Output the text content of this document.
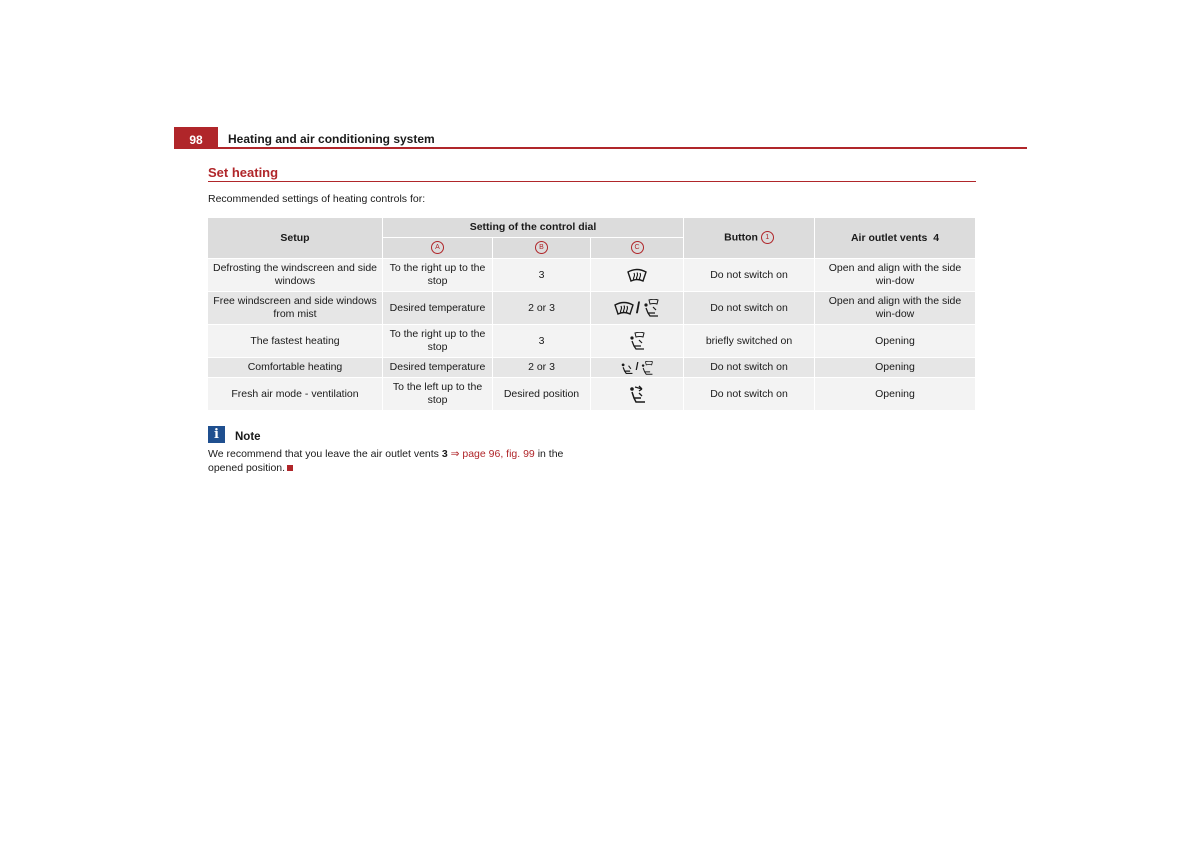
98	Heating and air conditioning system
Set heating
Recommended settings of heating controls for:
Setup	Setting of the control dial			Button 1	Air outlet vents 4
	A	B	C		
Defrosting the windscreen and side windows	To the right up to the stop	3		Do not switch on	Open and align with the side win-dow
Free windscreen and side windows from mist	Desired temperature	2 or 3	/	Do not switch on	Open and align with the side win-dow
The fastest heating	To the right up to the stop	3		briefly switched on	Opening
Comfortable heating	Desired temperature	2 or 3	/	Do not switch on	Opening
Fresh air mode - ventilation	To the left up to the stop	Desired position		Do not switch on	Opening
i	Note
We recommend that you leave the air outlet vents 3 ⇒ page 96, fig. 99 in the opened position.
